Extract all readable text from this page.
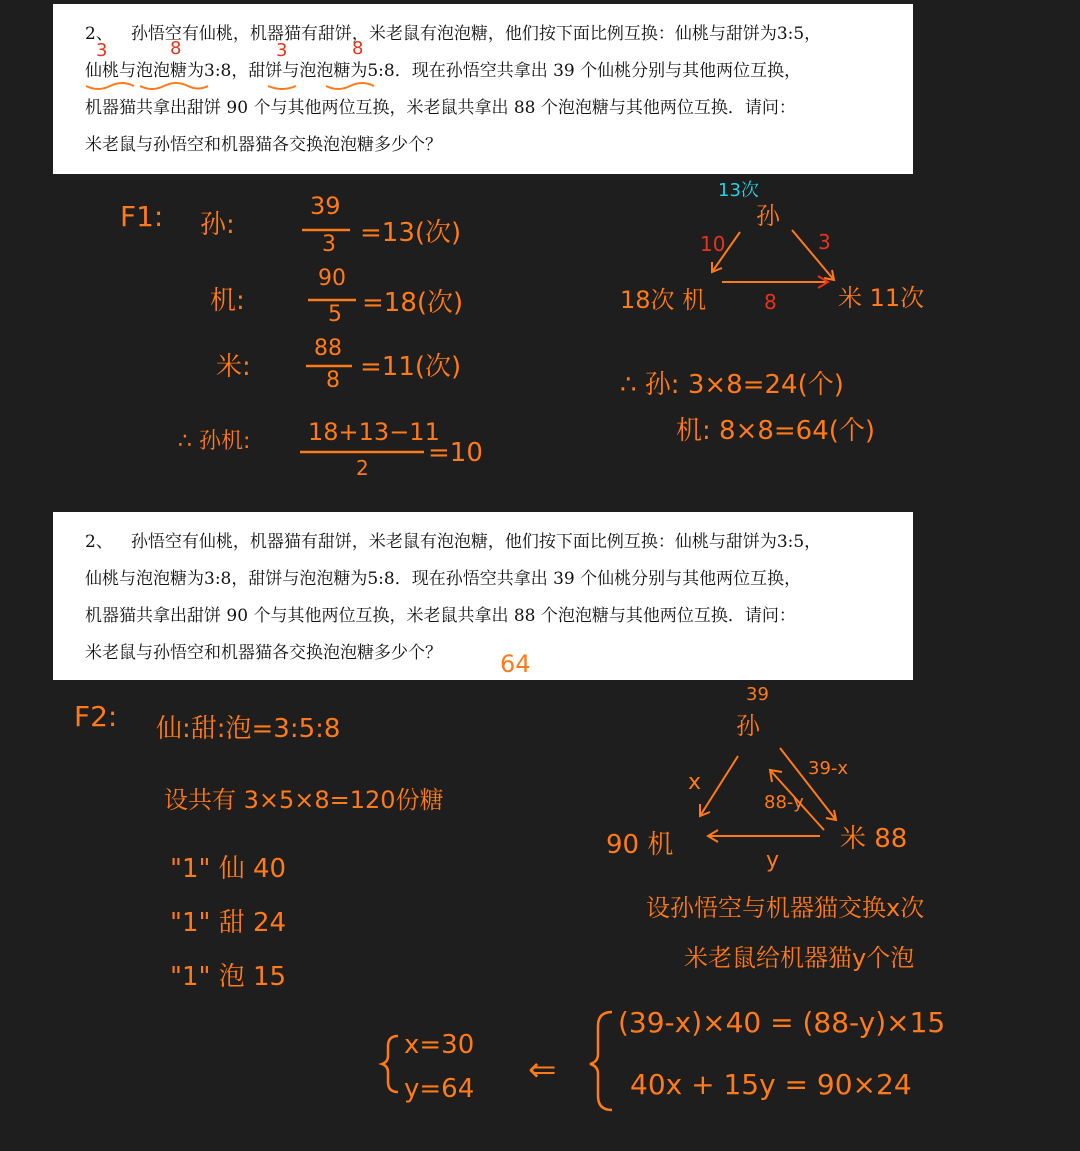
2、 孙悟空有仙桃，机器猫有甜饼，米老鼠有泡泡糖，他们按下面比例互换：仙桃与甜饼为3:5，

仙桃与泡泡糖为3:8，甜饼与泡泡糖为5:8．现在孙悟空共拿出 39 个仙桃分别与其他两位互换，

机器猫共拿出甜饼 90 个与其他两位互换，米老鼠共拿出 88 个泡泡糖与其他两位互换．请问：

米老鼠与孙悟空和机器猫各交换泡泡糖多少个？

3	8	3	8
F1: 孙:
39
3 =13(次)
机:
90
5 =18(次)
米:
88
8 =11(次)
∴ 孙机: 18+13−11
2 =10
13次
孙
10	3
8
18次 机	米 11次
∴ 孙: 3×8=24(个)
机: 8×8=64(个)

2、 孙悟空有仙桃，机器猫有甜饼，米老鼠有泡泡糖，他们按下面比例互换：仙桃与甜饼为3:5，

仙桃与泡泡糖为3:8，甜饼与泡泡糖为5:8．现在孙悟空共拿出 39 个仙桃分别与其他两位互换，

机器猫共拿出甜饼 90 个与其他两位互换，米老鼠共拿出 88 个泡泡糖与其他两位互换．请问：

米老鼠与孙悟空和机器猫各交换泡泡糖多少个？	64
F2: 仙:甜:泡=3:5:8
设共有 3×5×8=120份糖
"1" 仙 40
"1" 甜 24
"1" 泡 15
39
孙
x
88-y
39-x
y
90 机	米 88
设孙悟空与机器猫交换x次
米老鼠给机器猫y个泡
(39-x)×40 = (88-y)×15
40x + 15y = 90×24
⇐
x=30
y=64
